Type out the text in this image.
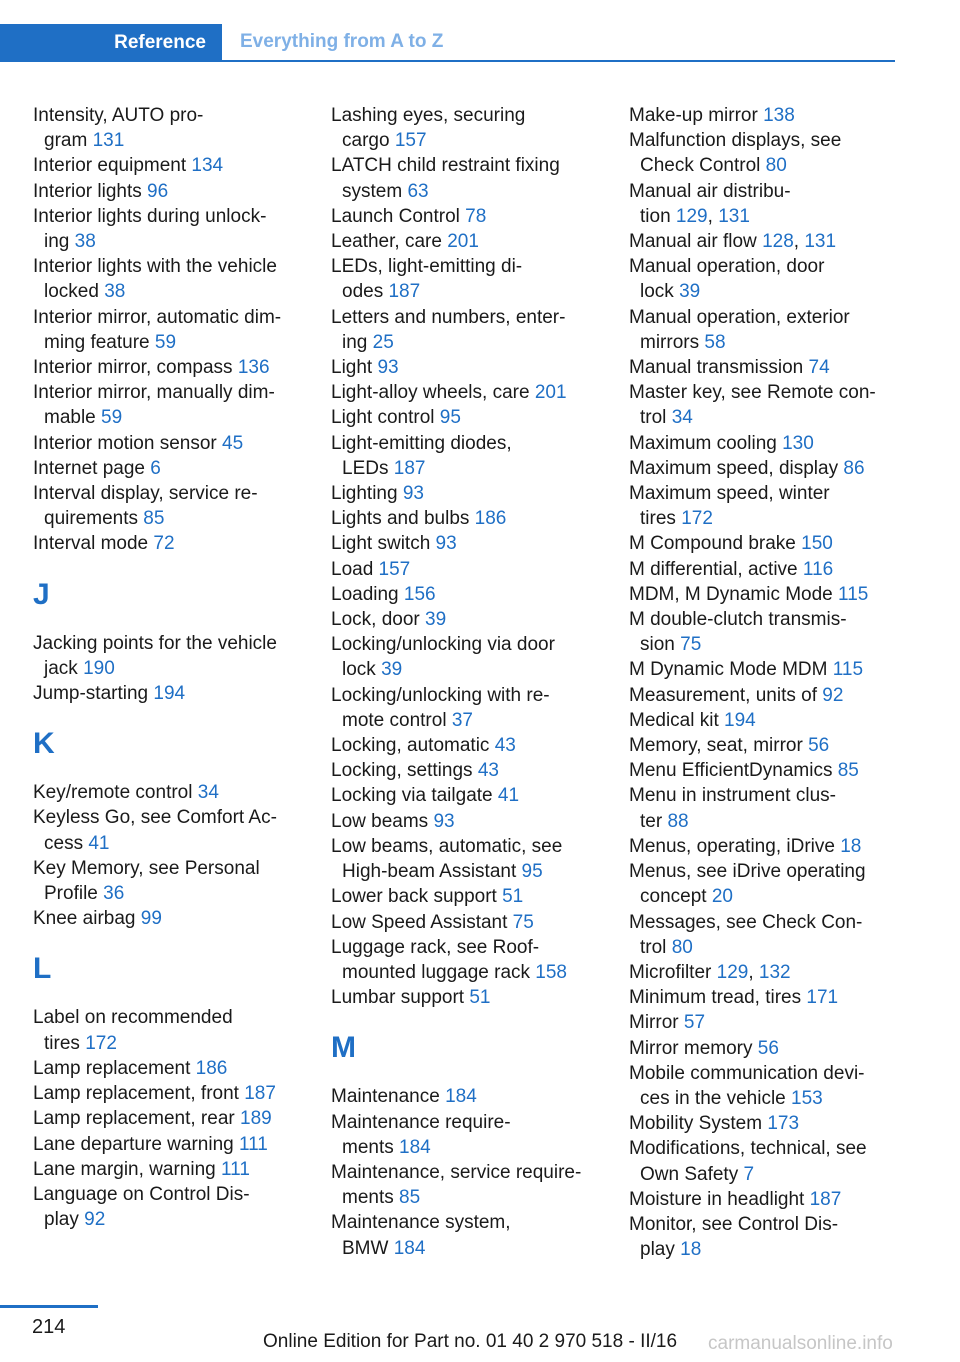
Reference	Everything from A to Z
Intensity, AUTO pro‐
gram 131
Interior equipment 134
Interior lights 96
Interior lights during unlock‐
ing 38
Interior lights with the vehicle
locked 38
Interior mirror, automatic dim‐
ming feature 59
Interior mirror, compass 136
Interior mirror, manually dim‐
mable 59
Interior motion sensor 45
Internet page 6
Interval display, service re‐
quirements 85
Interval mode 72
J
Jacking points for the vehicle
jack 190
Jump-starting 194
K
Key/remote control 34
Keyless Go, see Comfort Ac‐
cess 41
Key Memory, see Personal
Profile 36
Knee airbag 99
L
Label on recommended
tires 172
Lamp replacement 186
Lamp replacement, front 187
Lamp replacement, rear 189
Lane departure warning 111
Lane margin, warning 111
Language on Control Dis‐
play 92
Lashing eyes, securing
cargo 157
LATCH child restraint fixing
system 63
Launch Control 78
Leather, care 201
LEDs, light-emitting di‐
odes 187
Letters and numbers, enter‐
ing 25
Light 93
Light-alloy wheels, care 201
Light control 95
Light-emitting diodes,
LEDs 187
Lighting 93
Lights and bulbs 186
Light switch 93
Load 157
Loading 156
Lock, door 39
Locking/unlocking via door
lock 39
Locking/unlocking with re‐
mote control 37
Locking, automatic 43
Locking, settings 43
Locking via tailgate 41
Low beams 93
Low beams, automatic, see
High-beam Assistant 95
Lower back support 51
Low Speed Assistant 75
Luggage rack, see Roof-
mounted luggage rack 158
Lumbar support 51
M
Maintenance 184
Maintenance require‐
ments 184
Maintenance, service require‐
ments 85
Maintenance system,
BMW 184
Make-up mirror 138
Malfunction displays, see
Check Control 80
Manual air distribu‐
tion 129, 131
Manual air flow 128, 131
Manual operation, door
lock 39
Manual operation, exterior
mirrors 58
Manual transmission 74
Master key, see Remote con‐
trol 34
Maximum cooling 130
Maximum speed, display 86
Maximum speed, winter
tires 172
M Compound brake 150
M differential, active 116
MDM, M Dynamic Mode 115
M double-clutch transmis‐
sion 75
M Dynamic Mode MDM 115
Measurement, units of 92
Medical kit 194
Memory, seat, mirror 56
Menu EfficientDynamics 85
Menu in instrument clus‐
ter 88
Menus, operating, iDrive 18
Menus, see iDrive operating
concept 20
Messages, see Check Con‐
trol 80
Microfilter 129, 132
Minimum tread, tires 171
Mirror 57
Mirror memory 56
Mobile communication devi‐
ces in the vehicle 153
Mobility System 173
Modifications, technical, see
Own Safety 7
Moisture in headlight 187
Monitor, see Control Dis‐
play 18
214
Online Edition for Part no. 01 40 2 970 518 - II/16 carmanualsonline.info
